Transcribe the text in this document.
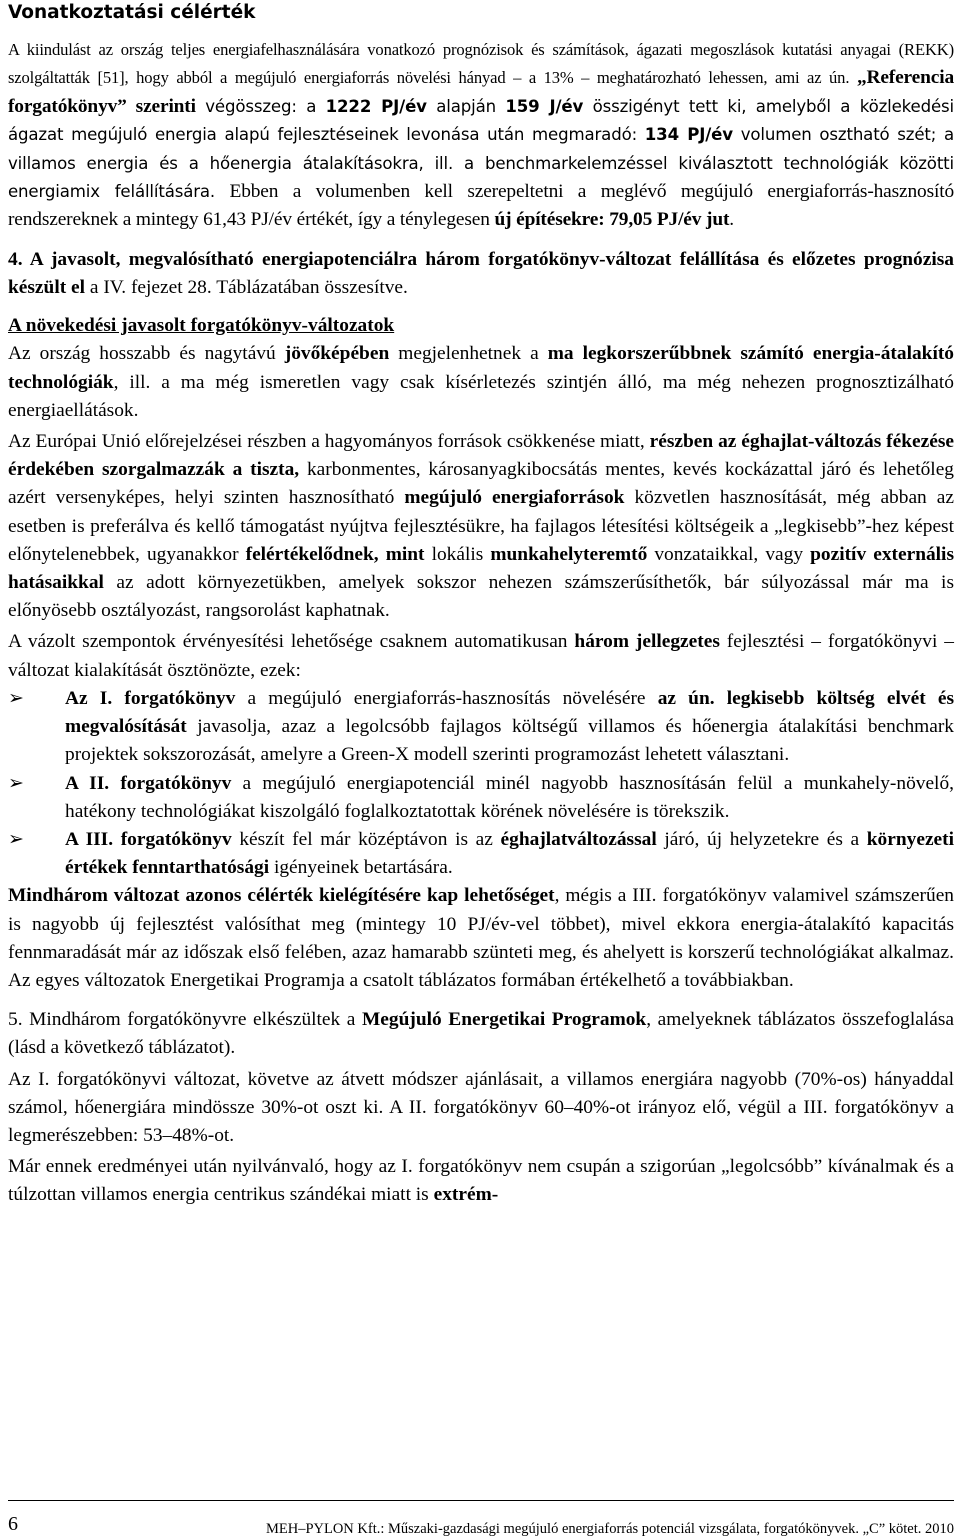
Vonatkoztatási célérték

A kiindulást az ország teljes energiafelhasználására vonatkozó prognózisok és számítások, ágazati megoszlások kutatási anyagai (REKK) szolgáltatták [51], hogy abból a megújuló energiaforrás növelési hányad – a 13% – meghatározható lehessen, ami az ún. „Referencia forgatókönyv” szerinti végösszeg: a 1222 PJ/év alapján 159 J/év összigényt tett ki, amelyből a közlekedési ágazat megújuló energia alapú fejlesztéseinek levonása után megmaradó: 134 PJ/év volumen osztható szét; a villamos energia és a hőenergia átalakításokra, ill. a benchmarkelemzéssel kiválasztott technológiák közötti energiamix felállítására. Ebben a volumenben kell szerepeltetni a meglévő megújuló energiaforrás-hasznosító rendszereknek a mintegy 61,43 PJ/év értékét, így a ténylegesen új építésekre: 79,05 PJ/év jut.

4. A javasolt, megvalósítható energiapotenciálra három forgatókönyv-változat felállítása és előzetes prognózisa készült el a IV. fejezet 28. Táblázatában összesítve.

A növekedési javasolt forgatókönyv-változatok

Az ország hosszabb és nagytávú jövőképében megjelenhetnek a ma legkorszerűbbnek számító energia-átalakító technológiák, ill. a ma még ismeretlen vagy csak kísérletezés szintjén álló, ma még nehezen prognosztizálható energiaellátások.

Az Európai Unió előrejelzései részben a hagyományos források csökkenése miatt, részben az éghajlat-változás fékezése érdekében szorgalmazzák a tiszta, karbonmentes, károsanyagkibocsátás mentes, kevés kockázattal járó és lehetőleg azért versenyképes, helyi szinten hasznosítható megújuló energiaforrások közvetlen hasznosítását, még abban az esetben is preferálva és kellő támogatást nyújtva fejlesztésükre, ha fajlagos létesítési költségeik a „legkisebb”-hez képest előnytelenebbek, ugyanakkor felértékelődnek, mint lokális munkahelyteremtő vonzataikkal, vagy pozitív externális hatásaikkal az adott környezetükben, amelyek sokszor nehezen számszerűsíthetők, bár súlyozással már ma is előnyösebb osztályozást, rangsorolást kaphatnak.

A vázolt szempontok érvényesítési lehetősége csaknem automatikusan három jellegzetes fejlesztési – forgatókönyvi – változat kialakítását ösztönözte, ezek:

➢ Az I. forgatókönyv a megújuló energiaforrás-hasznosítás növelésére az ún. legkisebb költség elvét és megvalósítását javasolja, azaz a legolcsóbb fajlagos költségű villamos és hőenergia átalakítási benchmark projektek sokszorozását, amelyre a Green-X modell szerinti programozást lehetett választani.
➢ A II. forgatókönyv a megújuló energiapotenciál minél nagyobb hasznosításán felül a munkahely-növelő, hatékony technológiákat kiszolgáló foglalkoztatottak körének növelésére is törekszik.
➢ A III. forgatókönyv készít fel már középtávon is az éghajlatváltozással járó, új helyzetekre és a környezeti értékek fenntarthatósági igényeinek betartására.

Mindhárom változat azonos célérték kielégítésére kap lehetőséget, mégis a III. forgatókönyv valamivel számszerűen is nagyobb új fejlesztést valósíthat meg (mintegy 10 PJ/év-vel többet), mivel ekkora energia-átalakító kapacitás fennmaradását már az időszak első felében, azaz hamarabb szünteti meg, és ahelyett is korszerű technológiákat alkalmaz. Az egyes változatok Energetikai Programja a csatolt táblázatos formában értékelhető a továbbiakban.

5. Mindhárom forgatókönyvre elkészültek a Megújuló Energetikai Programok, amelyeknek táblázatos összefoglalása (lásd a következő táblázatot).

Az I. forgatókönyvi változat, követve az átvett módszer ajánlásait, a villamos energiára nagyobb (70%-os) hányaddal számol, hőenergiára mindössze 30%-ot oszt ki. A II. forgatókönyv 60–40%-ot irányoz elő, végül a III. forgatókönyv a legmerészebben: 53–48%-ot.

Már ennek eredményei után nyilvánvaló, hogy az I. forgatókönyv nem csupán a szigorúan „legolcsóbb” kívánalmak és a túlzottan villamos energia centrikus szándékai miatt is extrém-

6	MEH–PYLON Kft.: Műszaki-gazdasági megújuló energiaforrás potenciál vizsgálata, forgatókönyvek. „C” kötet. 2010
